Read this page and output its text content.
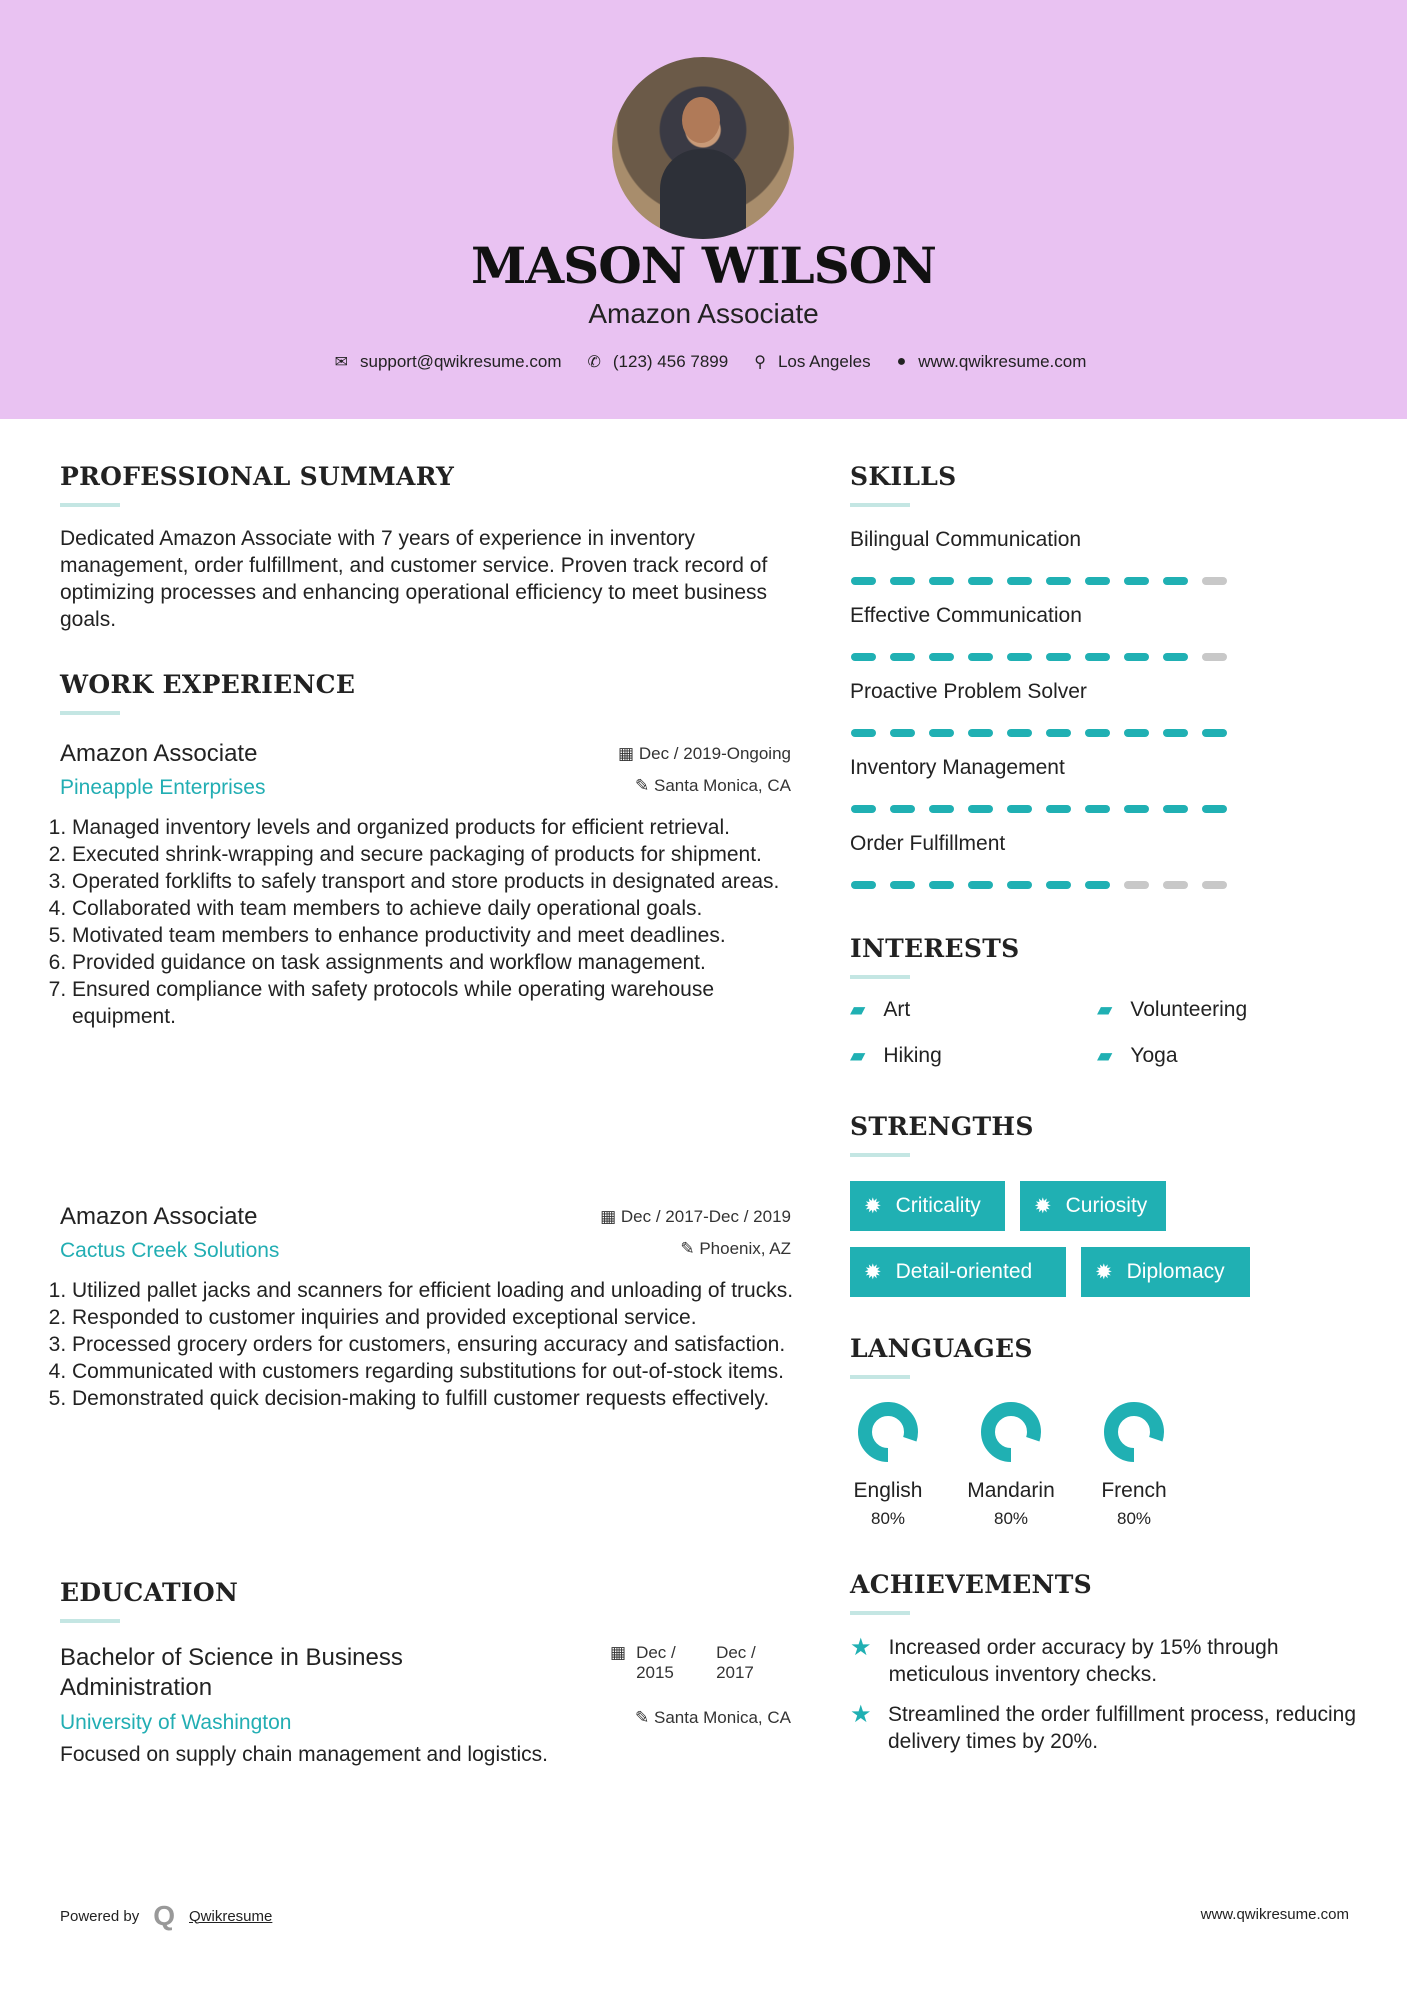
MASON WILSON
Amazon Associate
✉ support@qwikresume.com ✆ (123) 456 7899 ⚲ Los Angeles ● www.qwikresume.com
PROFESSIONAL SUMMARY
Dedicated Amazon Associate with 7 years of experience in inventory management, order fulfillment, and customer service. Proven track record of optimizing processes and enhancing operational efficiency to meet business goals.
WORK EXPERIENCE
EDUCATION
Bachelor of Science in Business Administration
University of Washington
Focused on supply chain management and logistics.
▦ Dec / 2015
Dec / 2017
✎ Santa Monica, CA
SKILLS
INTERESTS
STRENGTHS
LANGUAGES
ACHIEVEMENTS
Powered by Q Qwikresume	www.qwikresume.com
Amazon Associate
Pineapple Enterprises
1. Managed inventory levels and organized products for efficient retrieval.
2. Executed shrink-wrapping and secure packaging of products for shipment.
3. Operated forklifts to safely transport and store products in designated areas.
4. Collaborated with team members to achieve daily operational goals.
5. Motivated team members to enhance productivity and meet deadlines.
6. Provided guidance on task assignments and workflow management.
7. Ensured compliance with safety protocols while operating warehouse equipment.
▦ Dec / 2019-Ongoing
✎ Santa Monica, CA
Amazon Associate
Cactus Creek Solutions
1. Utilized pallet jacks and scanners for efficient loading and unloading of trucks.
2. Responded to customer inquiries and provided exceptional service.
3. Processed grocery orders for customers, ensuring accuracy and satisfaction.
4. Communicated with customers regarding substitutions for out-of-stock items.
5. Demonstrated quick decision-making to fulfill customer requests effectively.
▦ Dec / 2017-Dec / 2019
✎ Phoenix, AZ
Bilingual Communication
Effective Communication
Proactive Problem Solver
Inventory Management
Order Fulfillment
▰ Art	▰ Volunteering
▰ Hiking	▰ Yoga
✹ Criticality	✹ Curiosity
✹ Detail-oriented	✹ Diplomacy
English
80%
Mandarin
80%
French
80%
★ Increased order accuracy by 15% through meticulous inventory checks.
★ Streamlined the order fulfillment process, reducing delivery times by 20%.
